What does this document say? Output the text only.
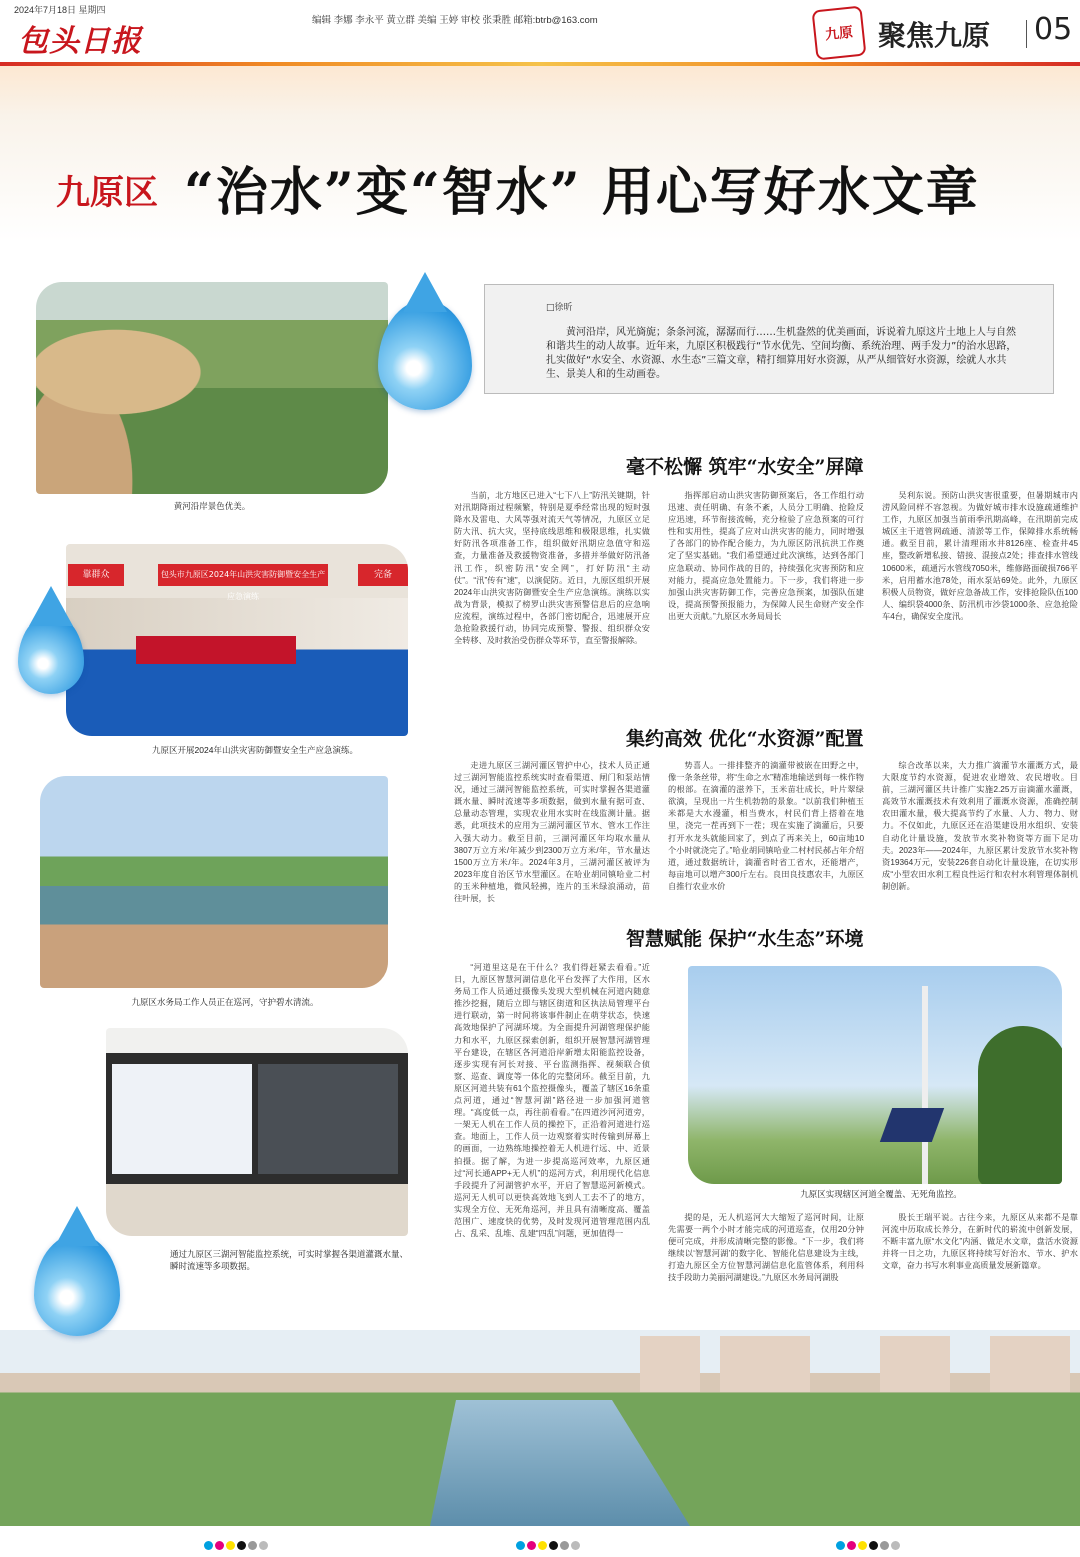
2024年7月18日 星期四
包头日报
编辑 李娜 李永平 黄立群 美编 王婷 审校 张秉胜 邮箱:btrb@163.com
九原 聚焦九原 05
九原区 “治水”变“智水” 用心写好水文章
黄河沿岸景色优美。
靠群众	包头市九原区2024年山洪灾害防御暨安全生产应急演练
完备
九原区开展2024年山洪灾害防御暨安全生产应急演练。
九原区水务局工作人员正在巡河，守护碧水清流。
通过九原区三湖河智能监控系统，可实时掌握各渠道灌溉水量、瞬时流速等多项数据。
九原区实现辖区河道全覆盖、无死角监控。
□徐昕
黄河沿岸，风光旖旎；条条河流，潺潺而行……生机盎然的优美画面，诉说着九原这片土地上人与自然和谐共生的动人故事。近年来，九原区积极践行“节水优先、空间均衡、系统治理、两手发力”的治水思路，扎实做好“水安全、水资源、水生态”三篇文章，精打细算用好水资源，从严从细管好水资源，绘就人水共生、景美人和的生动画卷。
毫不松懈 筑牢“水安全”屏障

当前，北方地区已进入“七下八上”防汛关键期，针对汛期降雨过程频繁，特别是夏季经常出现的短时强降水及雷电、大风等强对流天气等情况，九原区立足防大汛、抗大灾，坚持底线思维和极限思维，扎实做好防汛各项准备工作，组织做好汛期应急值守和巡查，力量准备及救援物资准备，多措并举做好防汛备汛工作，织密防汛“安全网”，打好防汛“主动仗”。“汛”传有“速”，以演促防。近日，九原区组织开展2024年山洪灾害防御暨安全生产应急演练。演练以实战为背景，模拟了榜罗山洪灾害预警信息后的应急响应流程，演练过程中，各部门密切配合，迅速展开应急抢险救援行动，协同完成预警、警报、组织群众安全转移、及时救治受伤群众等环节，直至警报解除。

指挥部启动山洪灾害防御预案后，各工作组行动迅速、责任明确、有条不紊，人员分工明确、抢险反应迅速，环节衔接流畅，充分检验了应急预案的可行性和实用性，提高了应对山洪灾害的能力，同时增强了各部门的协作配合能力，为九原区防汛抗洪工作奠定了坚实基础。“我们希望通过此次演练，达到各部门应急联动、协同作战的目的，持续强化灾害预防和应对能力，提高应急处置能力。下一步，我们将进一步加强山洪灾害防御工作，完善应急预案，加强队伍建设，提高预警预报能力，为保障人民生命财产安全作出更大贡献。”九原区水务局局长

吴利东说。预防山洪灾害很重要，但暑期城市内涝风险同样不容忽视。为做好城市排水设施疏通维护工作，九原区加强当前雨季汛期高峰，在汛期前完成城区主干道管网疏通、清淤等工作，保障排水系统畅通。截至目前，累计清理雨水井8126座、检查井45座，整改新增私接、错接、混接点2处；排查排水管线10600米，疏通污水管线7050米，维修路面破损766平米，启用蓄水池78处，雨水泵站69处。此外，九原区积极人员物资，做好应急备战工作，安排抢险队伍100人、编织袋4000条、防汛机市沙袋1000条、应急抢险车4台，确保安全度汛。

集约高效 优化“水资源”配置

走进九原区三湖河灌区管护中心，技术人员正通过三湖河智能监控系统实时查看渠道、闸门和泵站情况，通过三湖河智能监控系统，可实时掌握各渠道灌溉水量、瞬时流速等多项数据，做到水量有据可查、总量动态管理，实现农业用水实时在线监测计量。据悉，此项技术的应用为三湖河灌区节水、管水工作注入强大动力。截至目前，三湖河灌区年均取水量从3807万立方米/年减少到2300万立方米/年，节水量达1500万立方米/年。2024年3月，三湖河灌区被评为2023年度自治区节水型灌区。在哈业胡同镇哈业二村的玉米种植地，微风轻拂，连片的玉米绿浪涌动，苗往叶展，长

势喜人。一排排整齐的滴灌带被嵌在田野之中，像一条条丝带，将“生命之水”精准地输送到每一株作物的根部。在滴灌的滋养下，玉米苗壮成长，叶片翠绿欲滴，呈现出一片生机勃勃的景象。“以前我们种植玉米都是大水漫灌，相当费水，村民们背上搭着在地里，浇完一茬再到下一茬；现在实施了滴灌后，只要打开水龙头就能回家了，到点了再来关上，60亩地10个小时就浇完了。”哈业胡同镇哈业二村村民郝占年介绍道，通过数据统计，滴灌省时省工省水，还能增产，每亩地可以增产300斤左右。良田良技惠农丰，九原区自推行农业水价

综合改革以来，大力推广滴灌节水灌溉方式，最大限度节约水资源，促进农业增效、农民增收。目前，三湖河灌区共计推广实施2.25万亩滴灌水灌溉，高效节水灌溉技术有效利用了灌溉水资源，准确控制农田灌水量，极大提高节约了水量、人力、物力、财力。不仅如此，九原区还在沿渠建设用水组织、安装自动化计量设施，发放节水奖补物资等方面下足功夫。2023年——2024年，九原区累计发放节水奖补物资19364万元，安装226套自动化计量设施，在切实形成“小型农田水利工程良性运行和农村水利管理体制机制创新。

智慧赋能 保护“水生态”环境

“河道里这是在干什么？我们得赶紧去看看。”近日，九原区智慧河湖信息化平台发挥了大作用，区水务局工作人员通过摄像头发现大型机械在河道内随意推沙挖掘，随后立即与辖区街道和区执法局管理平台进行联动，第一时间将该事件制止在萌芽状态，快速高效地保护了河湖环境。为全面提升河湖管理保护能力和水平，九原区探索创新，组织开展智慧河湖管理平台建设，在辖区各河道沿岸新增太阳能监控设备，逐步实现有河长对接、平台监测指挥、视频联合侦察、巡查、调度等一体化的完整闭环。截至目前，九原区河道共装有61个监控摄像头，覆盖了辖区16条重点河道，通过“智慧河湖”路径进一步加强河道管理。“高度低一点，再往前看看。”在四道沙河河道旁，一架无人机在工作人员的操控下，正沿着河道进行巡查。地面上，工作人员一边观察着实时传输到屏幕上的画面，一边熟练地操控着无人机进行远、中、近景拍摄。据了解，为进一步提高巡河效率，九原区通过“河长通APP+无人机”的巡河方式，利用现代化信息手段提升了河湖管护水平，开启了智慧巡河新模式。巡河无人机可以更快高效地飞到人工去不了的地方，实现全方位、无死角巡河，并且具有清晰度高、覆盖范围广、速度快的优势，及时发现河道管理范围内乱占、乱采、乱堆、乱建“四乱”问题，更加值得一

提的是，无人机巡河大大缩短了巡河时间，让原先需要一两个小时才能完成的河道巡查，仅用20分钟便可完成，并形成清晰完整的影像。“下一步，我们将继续以‘智慧河湖’的数字化、智能化信息建设为主线，打造九原区全方位智慧河湖信息化监管体系，利用科技手段助力美丽河湖建设。”九原区水务局河湖股

股长王瑞平说。古往今来，九原区从来都不是靠河流中历取成长养分，在新时代的崭流中创新发展，不断丰富九原“水文化”内涵、做足水文章，盘活水资源并将一日之功，九原区将持续写好治水、节水、护水文章，奋力书写水利事业高质量发展新篇章。
